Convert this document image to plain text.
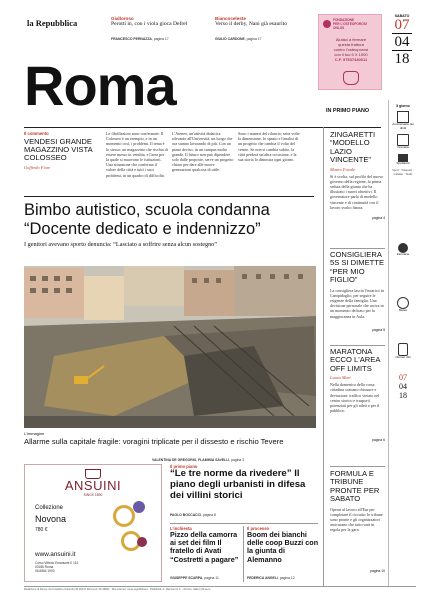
la Repubblica	Gialloroso
Perotti in, con i viola gioca Defrel
FRANCESCO PERNAZZA, pagina 17
Biancoceleste
Verso il derby, Nani già esaurito
GIULIO CARDONE, pagina 17
FONDAZIONE
PER L'OSTEOPOROSI
ONLUS
Aiutaci a fermare
questa frattura
contro l'osteoporosi
con il tuo 5 X 1000
C.F. 97537440011
SABATO
07
04
18
Roma	IN PRIMO PIANO
Il commento
VENDESI GRANDE MAGAZZINO VISTA COLOSSEO
Goffredo Fiore
Le fibrillazioni sono confermate. Il Colosseo è un esempio, e in un momento così, i problemi. Il tema è lo stesso: un magazzino che rischia di essere messo in vendita, e l'area per la quale si muovono le istituzioni. Una situazione che conferma il valore della città e tutti i suoi problemi, in un quadro di difficoltà.
L'Ateneo, un'attività didattica rilevante all'Università, un luogo che ora stanno lavorando di più. Con un piano deciso, in un campus molto grande. Il futuro non può dipendere solo dalle proposte, serve un progetto chiaro per dare alle nuove generazioni qualcosa di utile.
Sono i numeri del rilancio: sette volte la dimensione, lo spazio e l'analisi di un progetto che cambia il volto del centro. Se non si cambia subito, la città perderà un'altra occasione, e la sua storia lo dimostra ogni giorno.
Bimbo autistico, scuola condanna
“Docente dedicato e indennizzo”
I genitori avevano sporto denuncia: “Lasciato a soffrire senza alcun sostegno”
L'immagine
Allarme sulla capitale fragile: voragini triplicate per il dissesto e rischio Tevere
VALENTINA DE GREGORIO, FLAMINIA SAVELLI, pagina 3
ZINGARETTI “MODELLO LAZIO VINCENTE”
Mauro Favale
Si è svolta, sul profilo del nuovo governo della regione, la prima seduta della giunta che ha illustrato i nuovi obiettivi. Il governatore parla di modello vincente e di continuità con il lavoro svolto finora.
pagina 4
CONSIGLIERA 5S SI DIMETTE “PER MIO FIGLIO”
La consigliera lascia l'incarico in Campidoglio, per seguire le esigenze della famiglia. Una decisione personale che arriva in un momento delicato per la maggioranza in Aula.
pagina 5
MARATONA ECCO L'AREA OFF LIMITS
Laura Mari
Nella domenica della corsa cittadina scattano chiusure e deviazioni: traffico vietato nel centro storico e trasporti potenziati per gli atleti e per il pubblico.
pagina 6
FORMULA E TRIBUNE PRONTE PER SABATO
Operai al lavoro all'Eur per completare il circuito: le tribune sono pronte e gli organizzatori assicurano che tutto sarà in regola per la gara.
pagina 10
Il giorno
Anniversario dei diritti
Cronaca
Spettacoli
Sport · Trasporti · Cinema · Teatri
Farmacie
Meteo
Numeri utili
07
04
18
ANSUINI
SINCE 1890
Collezione
Novona
780 €
www.ansuini.it
Corso Vittorio Emanuele II 151
00186 Roma
06.6864 1900
Il primo piano
“Le tre norme da rivedere” Il piano degli urbanisti in difesa dei villini storici
PAOLO BOCCACCI, pagina 8
L'inchiesta
Pizzo della camorra ai set dei film Il fratello di Avati “Costretti a pagare”
GIUSEPPE SCARPA, pagina 11
Il processo
Boom dei bianchi delle coop Buzzi con la giunta di Alemanno
FEDERICA ANGELI, pagina 12
Redazione di Roma: via Cristoforo Colombo 90 00147 Roma tel. 06.49821 - Sito internet: roma.repubblica.it - Pubblicità: A. Manzoni & C. - Prezzo: Italia 1,50 euro
